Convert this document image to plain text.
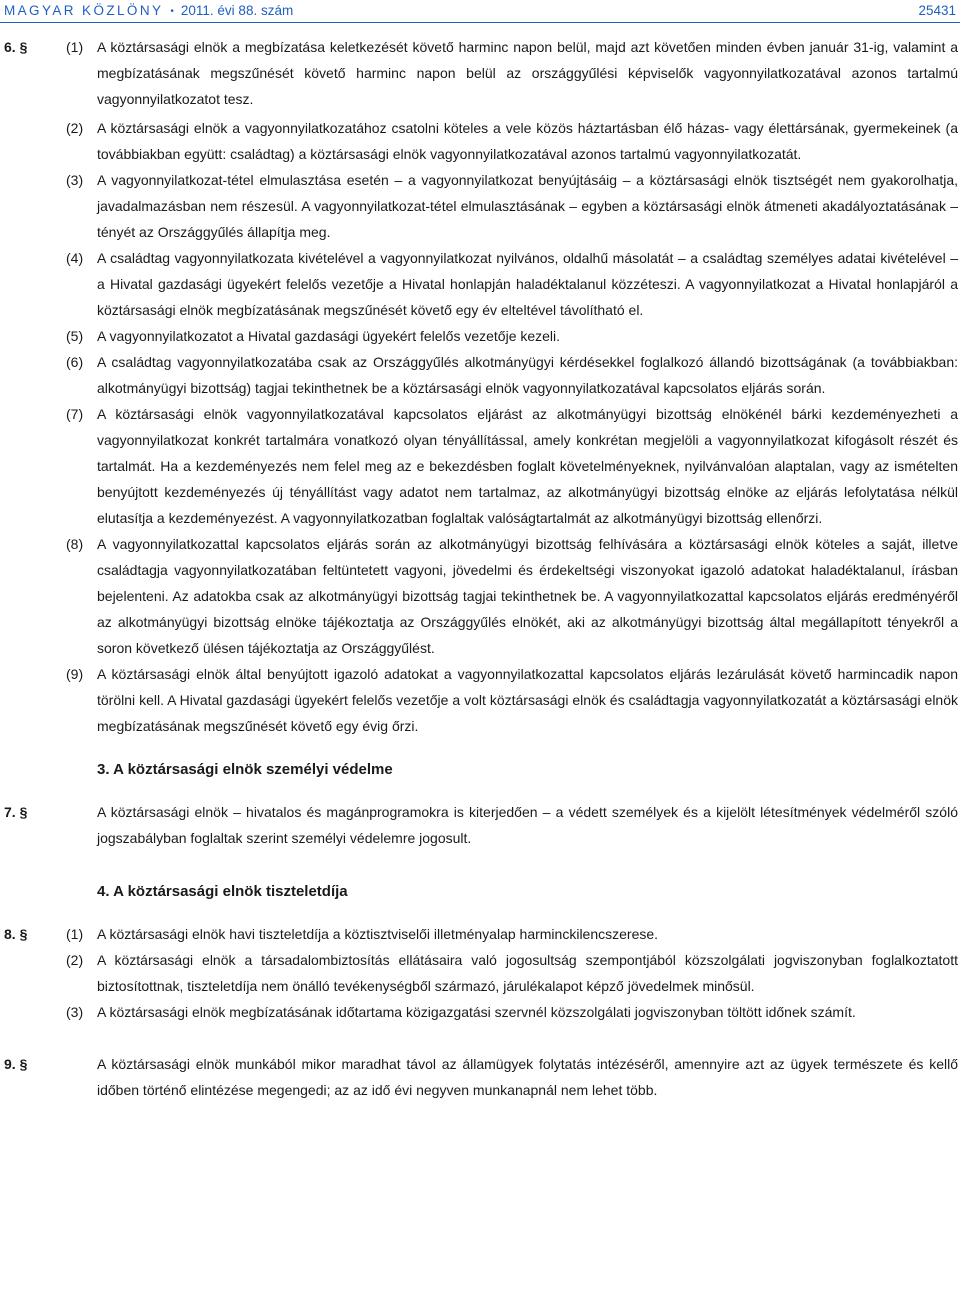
MAGYAR KÖZLÖNY • 2011. évi 88. szám	25431
6. §	(1) A köztársasági elnök a megbízatása keletkezését követő harminc napon belül, majd azt követően minden évben január 31-ig, valamint a megbízatásának megszűnését követő harminc napon belül az országgyűlési képviselők vagyonnyilatkozatával azonos tartalmú vagyonnyilatkozatot tesz.
(2) A köztársasági elnök a vagyonnyilatkozatához csatolni köteles a vele közös háztartásban élő házas- vagy élettársának, gyermekeinek (a továbbiakban együtt: családtag) a köztársasági elnök vagyonnyilatkozatával azonos tartalmú vagyonnyilatkozatát.
(3) A vagyonnyilatkozat-tétel elmulasztása esetén – a vagyonnyilatkozat benyújtásáig – a köztársasági elnök tisztségét nem gyakorolhatja, javadalmazásban nem részesül. A vagyonnyilatkozat-tétel elmulasztásának – egyben a köztársasági elnök átmeneti akadályoztatásának – tényét az Országgyűlés állapítja meg.
(4) A családtag vagyonnyilatkozata kivételével a vagyonnyilatkozat nyilvános, oldalhű másolatát – a családtag személyes adatai kivételével – a Hivatal gazdasági ügyekért felelős vezetője a Hivatal honlapján haladéktalanul közzéteszi. A vagyonnyilatkozat a Hivatal honlapjáról a köztársasági elnök megbízatásának megszűnését követő egy év elteltével távolítható el.
(5) A vagyonnyilatkozatot a Hivatal gazdasági ügyekért felelős vezetője kezeli.
(6) A családtag vagyonnyilatkozatába csak az Országgyűlés alkotmányügyi kérdésekkel foglalkozó állandó bizottságának (a továbbiakban: alkotmányügyi bizottság) tagjai tekinthetnek be a köztársasági elnök vagyonnyilatkozatával kapcsolatos eljárás során.
(7) A köztársasági elnök vagyonnyilatkozatával kapcsolatos eljárást az alkotmányügyi bizottság elnökénél bárki kezdeményezheti a vagyonnyilatkozat konkrét tartalmára vonatkozó olyan tényállítással, amely konkrétan megjelöli a vagyonnyilatkozat kifogásolt részét és tartalmát. Ha a kezdeményezés nem felel meg az e bekezdésben foglalt követelményeknek, nyilvánvalóan alaptalan, vagy az ismételten benyújtott kezdeményezés új tényállítást vagy adatot nem tartalmaz, az alkotmányügyi bizottság elnöke az eljárás lefolytatása nélkül elutasítja a kezdeményezést. A vagyonnyilatkozatban foglaltak valóságtartalmát az alkotmányügyi bizottság ellenőrzi.
(8) A vagyonnyilatkozattal kapcsolatos eljárás során az alkotmányügyi bizottság felhívására a köztársasági elnök köteles a saját, illetve családtagja vagyonnyilatkozatában feltüntetett vagyoni, jövedelmi és érdekeltségi viszonyokat igazoló adatokat haladéktalanul, írásban bejelenteni. Az adatokba csak az alkotmányügyi bizottság tagjai tekinthetnek be. A vagyonnyilatkozattal kapcsolatos eljárás eredményéről az alkotmányügyi bizottság elnöke tájékoztatja az Országgyűlés elnökét, aki az alkotmányügyi bizottság által megállapított tényekről a soron következő ülésen tájékoztatja az Országgyűlést.
(9) A köztársasági elnök által benyújtott igazoló adatokat a vagyonnyilatkozattal kapcsolatos eljárás lezárulását követő harmincadik napon törölni kell. A Hivatal gazdasági ügyekért felelős vezetője a volt köztársasági elnök és családtagja vagyonnyilatkozatát a köztársasági elnök megbízatásának megszűnését követő egy évig őrzi.
3. A köztársasági elnök személyi védelme
7. §	A köztársasági elnök – hivatalos és magánprogramokra is kiterjedően – a védett személyek és a kijelölt létesítmények védelméről szóló jogszabályban foglaltak szerint személyi védelemre jogosult.
4. A köztársasági elnök tiszteletdíja
8. §	(1) A köztársasági elnök havi tiszteletdíja a köztisztviselői illetményalap harminckilencszerese.
(2) A köztársasági elnök a társadalombiztosítás ellátásaira való jogosultság szempontjából közszolgálati jogviszonyban foglalkoztatott biztosítottnak, tiszteletdíja nem önálló tevékenységből származó, járulékalapot képző jövedelmek minősül.
(3) A köztársasági elnök megbízatásának időtartama közigazgatási szervnél közszolgálati jogviszonyban töltött időnek számít.
9. §	A köztársasági elnök munkából mikor maradhat távol az államügyek folytatás intézéséről, amennyire azt az ügyek természete és kellő időben történő elintézése megengedi; az az idő évi negyven munkanapnál nem lehet több.
